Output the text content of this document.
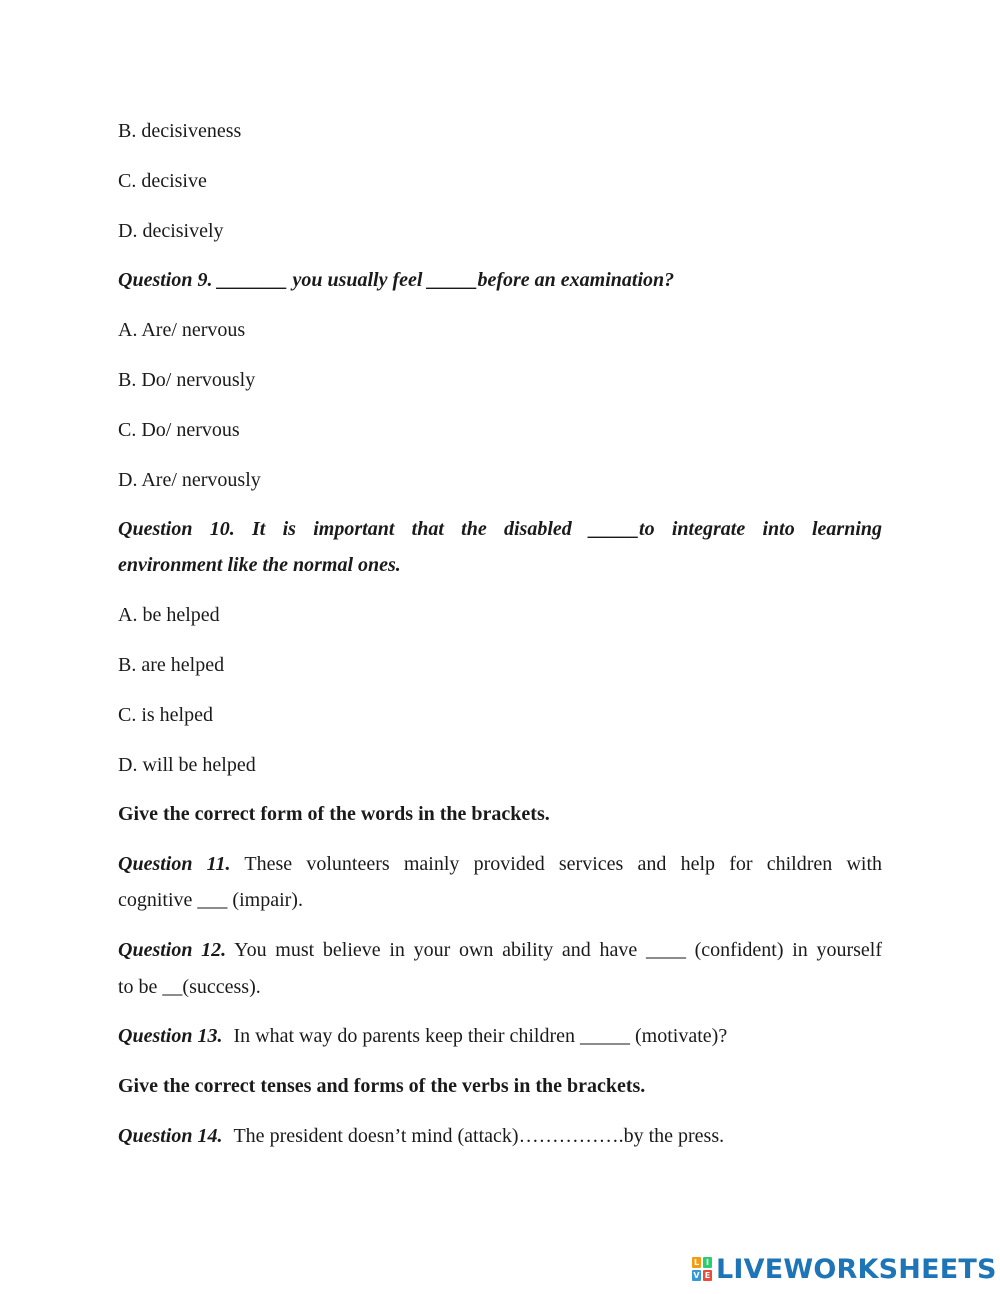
B. decisiveness
C. decisive
D. decisively
Question 9. _______ you usually feel _____before an examination?
A. Are/ nervous
B. Do/ nervously
C. Do/ nervous
D. Are/ nervously
Question 10. It is important that the disabled _____to integrate into learning
environment like the normal ones.
A. be helped
B. are helped
C. is helped
D. will be helped
Give the correct form of the words in the brackets.
Question 11. These volunteers mainly provided services and help for children with
cognitive ___ (impair).
Question 12. You must believe in your own ability and have ____ (confident) in yourself
to be __(success).
Question 13. In what way do parents keep their children _____ (motivate)?
Give the correct tenses and forms of the verbs in the brackets.
Question 14. The president doesn’t mind (attack)…………….by the press.
L I
V E LIVEWORKSHEETS
